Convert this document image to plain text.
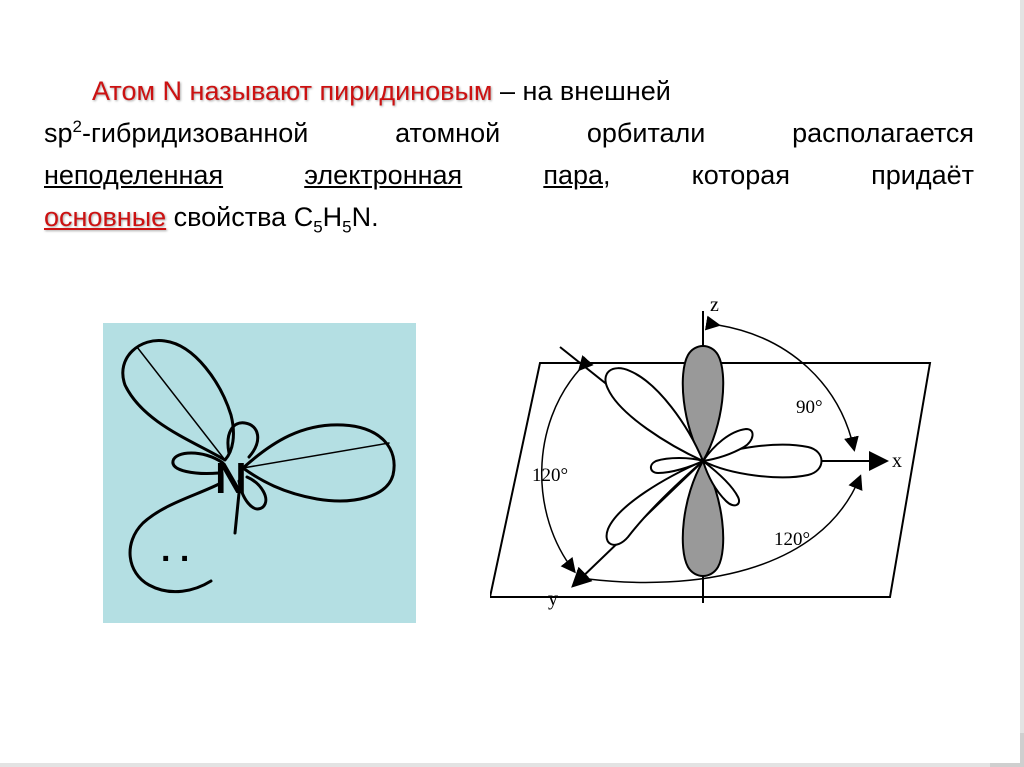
Атом N называют пиридиновым – на внешней
$sp^2$-гибридизованной	атомной	орбитали	располагается
неподеленная	электронная	пара,	которая	придаёт
основные свойства $C_5H_5N$.
N
. .
z
x
y
90°
120°
120°
